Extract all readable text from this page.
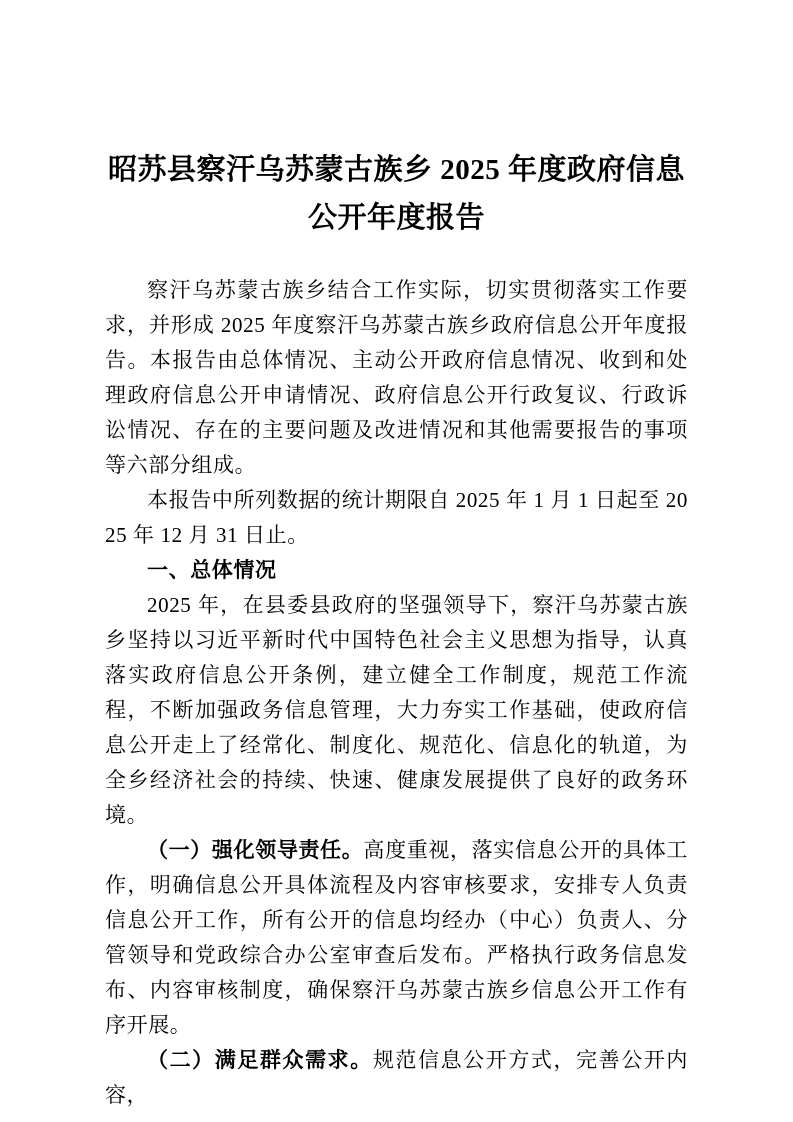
昭苏县察汗乌苏蒙古族乡 2025 年度政府信息公开年度报告

察汗乌苏蒙古族乡结合工作实际，切实贯彻落实工作要求，并形成 2025 年度察汗乌苏蒙古族乡政府信息公开年度报告。本报告由总体情况、主动公开政府信息情况、收到和处理政府信息公开申请情况、政府信息公开行政复议、行政诉讼情况、存在的主要问题及改进情况和其他需要报告的事项等六部分组成。

本报告中所列数据的统计期限自 2025 年 1 月 1 日起至 2025 年 12 月 31 日止。

一、总体情况

2025 年，在县委县政府的坚强领导下，察汗乌苏蒙古族乡坚持以习近平新时代中国特色社会主义思想为指导，认真落实政府信息公开条例，建立健全工作制度，规范工作流程，不断加强政务信息管理，大力夯实工作基础，使政府信息公开走上了经常化、制度化、规范化、信息化的轨道，为全乡经济社会的持续、快速、健康发展提供了良好的政务环境。

（一）强化领导责任。高度重视，落实信息公开的具体工作，明确信息公开具体流程及内容审核要求，安排专人负责信息公开工作，所有公开的信息均经办（中心）负责人、分管领导和党政综合办公室审查后发布。严格执行政务信息发布、内容审核制度，确保察汗乌苏蒙古族乡信息公开工作有序开展。

（二）满足群众需求。规范信息公开方式，完善公开内容，
